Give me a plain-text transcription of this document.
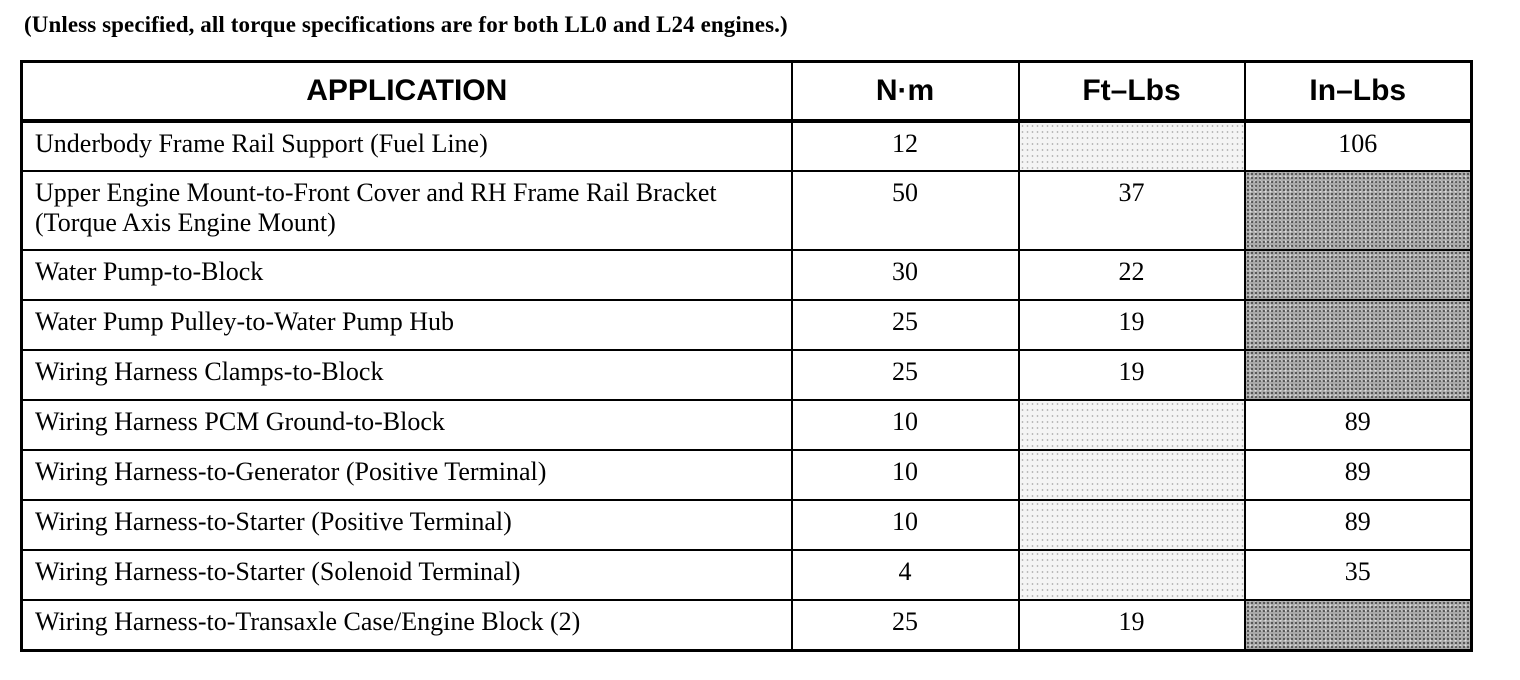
(Unless specified, all torque specifications are for both LL0 and L24 engines.)
APPLICATION	N·m	Ft–Lbs	In–Lbs
Underbody Frame Rail Support (Fuel Line)	12		106
Upper Engine Mount-to-Front Cover and RH Frame Rail Bracket (Torque Axis Engine Mount)	50	37	
Water Pump-to-Block	30	22	
Water Pump Pulley-to-Water Pump Hub	25	19	
Wiring Harness Clamps-to-Block	25	19	
Wiring Harness PCM Ground-to-Block	10		89
Wiring Harness-to-Generator (Positive Terminal)	10		89
Wiring Harness-to-Starter (Positive Terminal)	10		89
Wiring Harness-to-Starter (Solenoid Terminal)	4		35
Wiring Harness-to-Transaxle Case/Engine Block (2)	25	19	
